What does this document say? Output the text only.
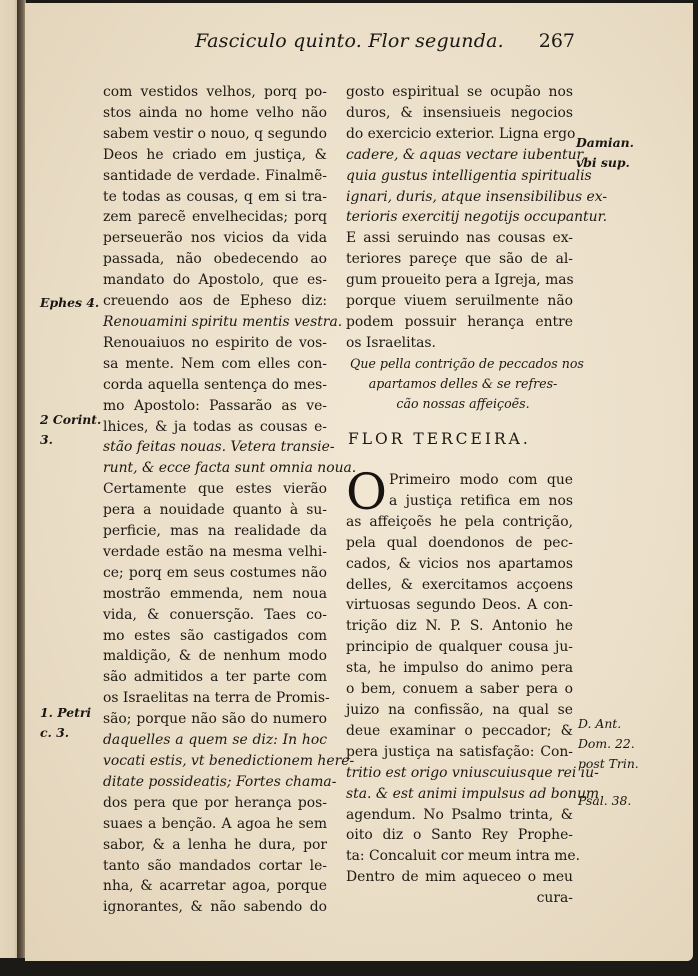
Fasciculo quinto. Flor segunda. 267
com vestidos velhos, porq po-
stos ainda no home velho não
sabem vestir o nouo, q segundo
Deos he criado em justiça, &
santidade de verdade. Finalmẽ-
te todas as cousas, q em si tra-
zem parecẽ envelhecidas; porq
perseuerão nos vicios da vida
passada, não obedecendo ao
mandato do Apostolo, que es-
creuendo aos de Epheso diz:
Renouamini spiritu mentis vestra.
Renouaiuos no espirito de vos-
sa mente. Nem com elles con-
corda aquella sentença do mes-
mo Apostolo: Passarão as ve-
lhices, & ja todas as cousas e-
stão feitas nouas. Vetera transie-
runt, & ecce facta sunt omnia noua.
Certamente que estes vierão
pera a nouidade quanto à su-
perficie, mas na realidade da
verdade estão na mesma velhi-
ce; porq em seus costumes não
mostrão emmenda, nem noua
vida, & conuersção. Taes co-
mo estes são castigados com
maldição, & de nenhum modo
são admitidos a ter parte com
os Israelitas na terra de Promis-
são; porque não são do numero
daquelles a quem se diz: In hoc
vocati estis, vt benedictionem here-
ditate possideatis; Fortes chama-
dos pera que por herança pos-
suaes a benção. A agoa he sem
sabor, & a lenha he dura, por
tanto são mandados cortar le-
nha, & acarretar agoa, porque
ignorantes, & não sabendo do
gosto espiritual se ocupão nos
duros, & insensiueis negocios
do exercicio exterior. Ligna ergo
cadere, & aquas vectare iubentur,
quia gustus intelligentia spiritualis
ignari, duris, atque insensibilibus ex-
terioris exercitij negotijs occupantur.
E assi seruindo nas cousas ex-
teriores pareçe que são de al-
gum proueito pera a Igreja, mas
porque viuem seruilmente não
podem possuir herança entre
os Israelitas.
Que pella contrição de peccados nos
apartamos delles & se refres-
cão nossas affeiçoẽs.
FLOR TERCEIRA.
O Primeiro modo com que
a justiça retifica em nos
as affeiçoẽs he pela contrição,
pela qual doendonos de pec-
cados, & vicios nos apartamos
delles, & exercitamos acçoens
virtuosas segundo Deos. A con-
trição diz N. P. S. Antonio he
principio de qualquer cousa ju-
sta, he impulso do animo pera
o bem, conuem a saber pera o
juizo na confissão, na qual se
deue examinar o peccador; &
pera justiça na satisfação: Con-
tritio est origo vniuscuiusque rei iu-
sta. & est animi impulsus ad bonum
agendum. No Psalmo trinta, &
oito diz o Santo Rey Prophe-
ta: Concaluit cor meum intra me.
Dentro de mim aqueceo o meu
cura-
Ephes 4.
2 Corint.
3.
1. Petri
c. 3.
Damian.
vbi sup.
D. Ant.
Dom. 22.
post Trin.
Psal. 38.
